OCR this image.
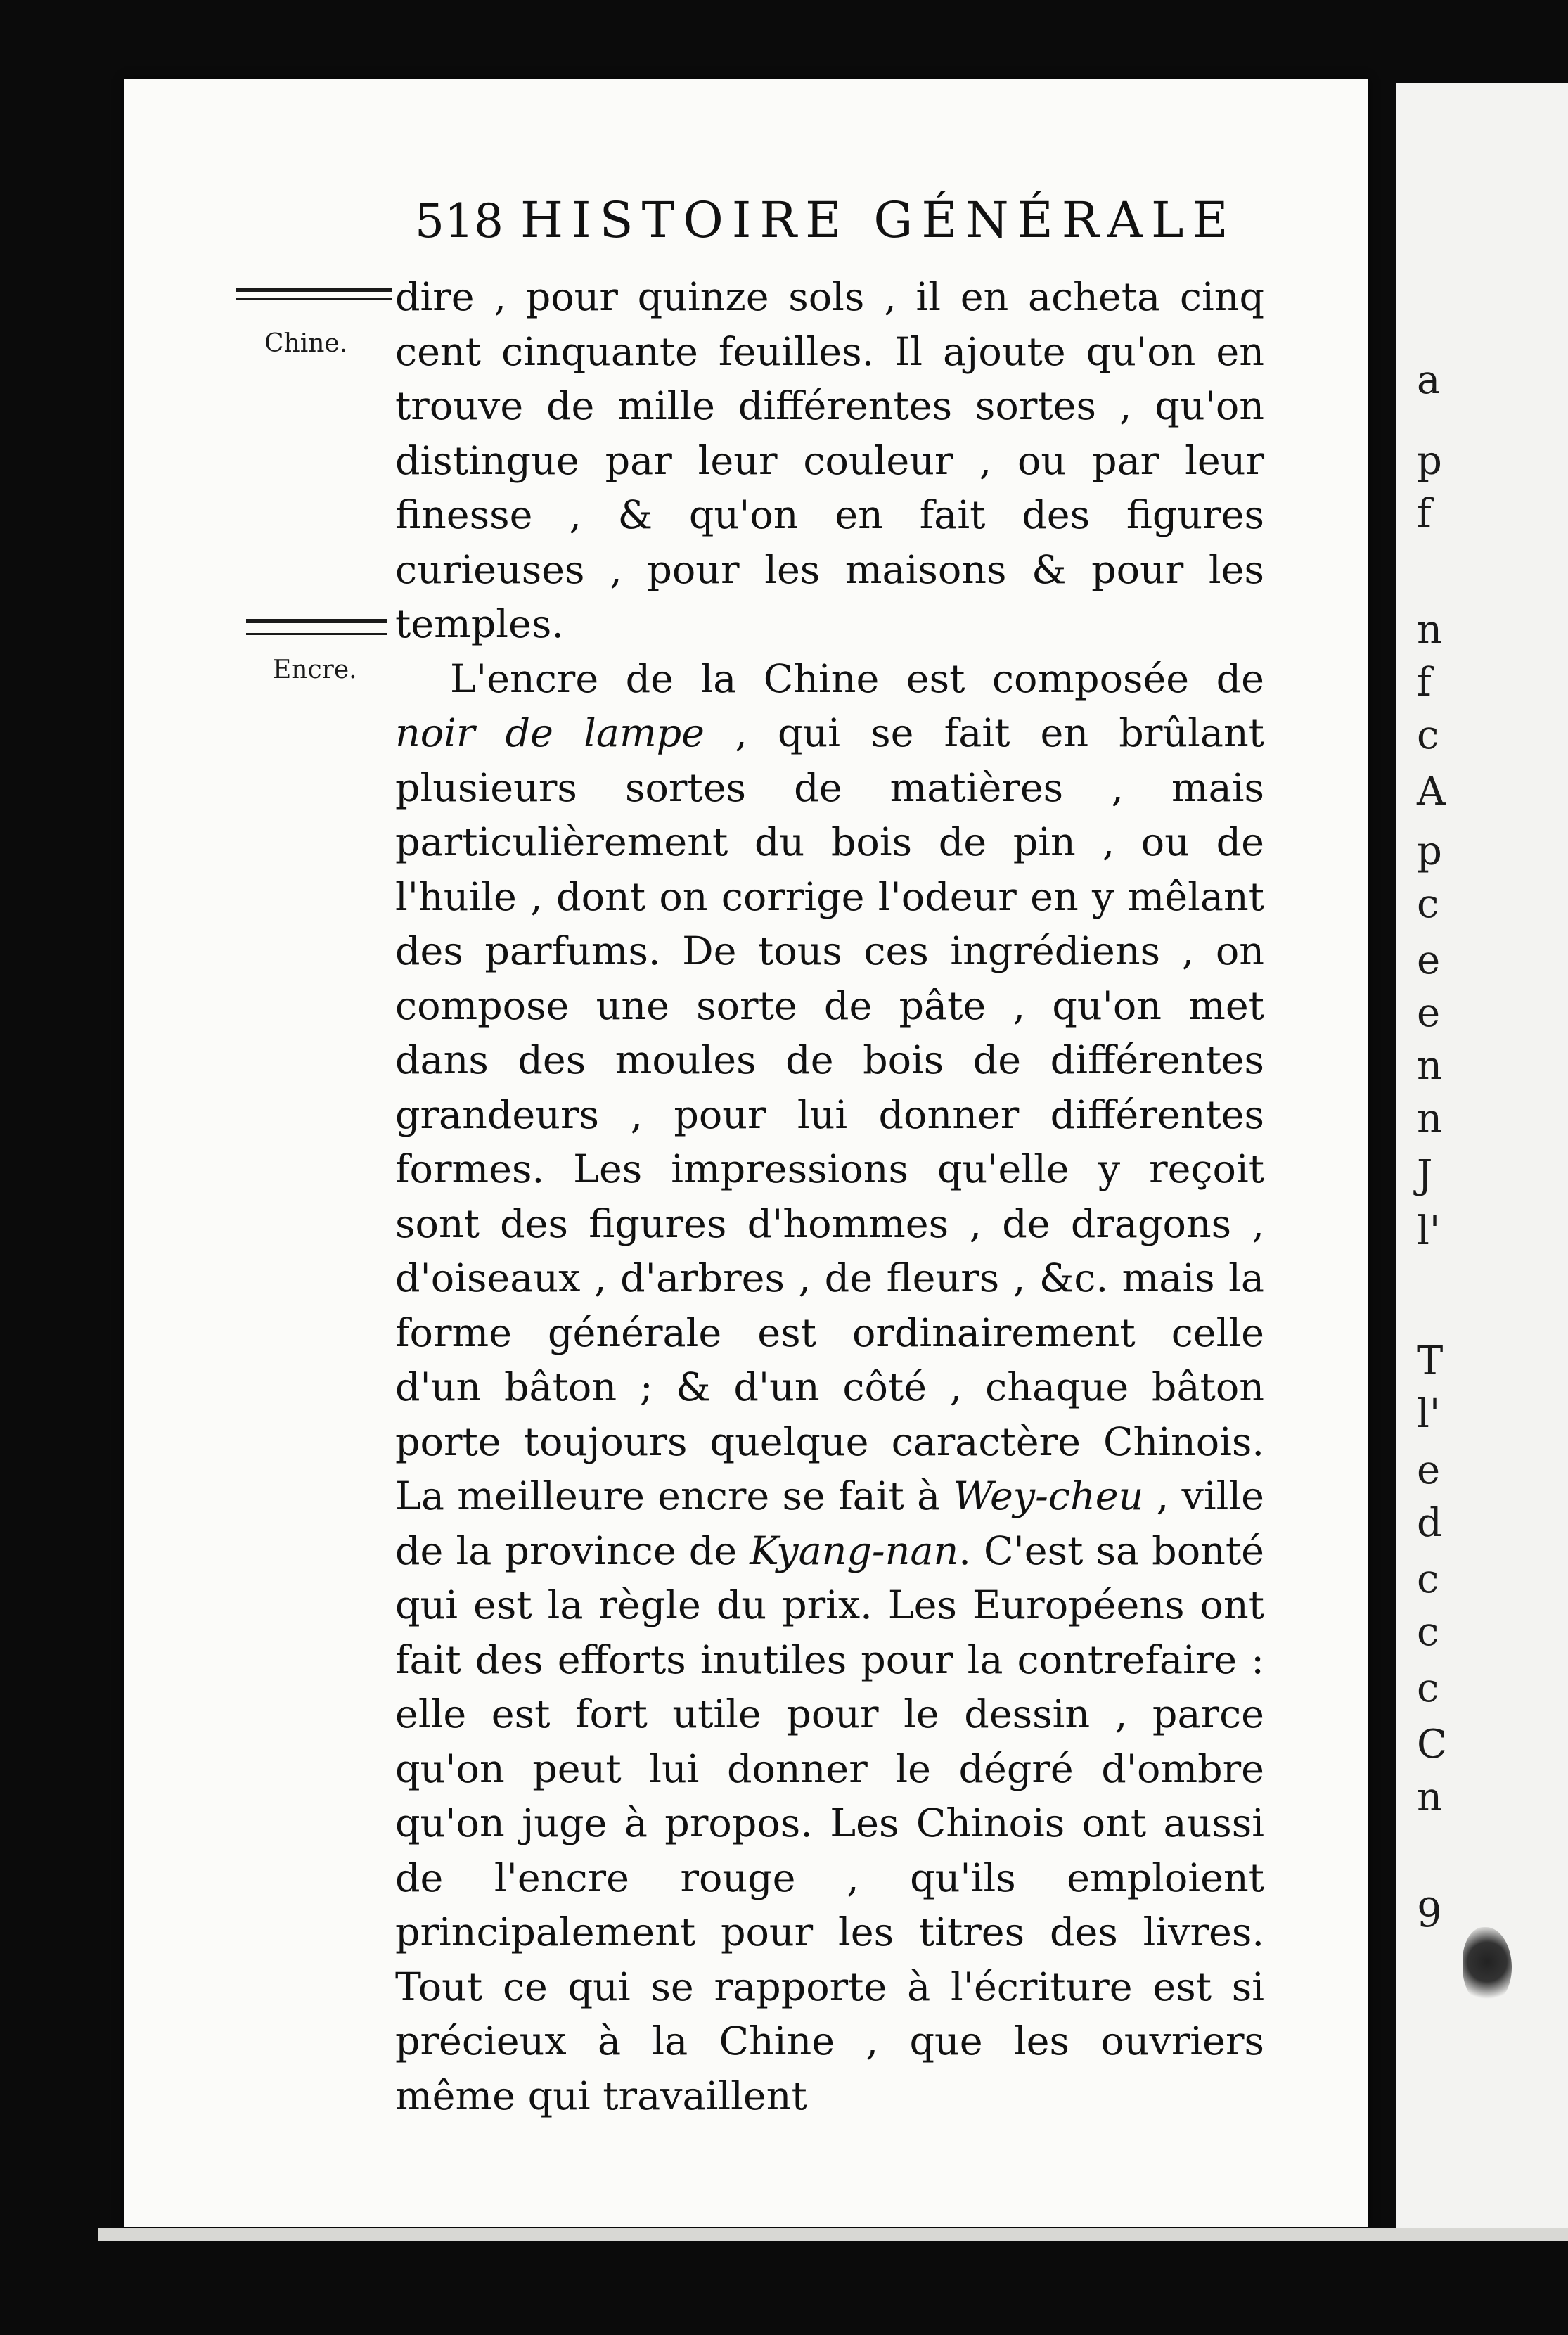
a
p
f
n
f
c
A
p
c
e
e
n
n
J
l'
T
l'
e
d
c
c
c
C
n
9
518 HISTOIRE GÉNÉRALE
Chine.
Encre.

dire , pour quinze sols , il en acheta cinq cent cinquante feuilles. Il ajoute qu'on en trouve de mille différentes sortes , qu'on distingue par leur couleur , ou par leur finesse , & qu'on en fait des figures curieuses , pour les maisons & pour les temples.

L'encre de la Chine est composée de noir de lampe , qui se fait en brûlant plusieurs sortes de matières , mais particulièrement du bois de pin , ou de l'huile , dont on corrige l'odeur en y mêlant des parfums. De tous ces ingrédiens , on compose une sorte de pâte , qu'on met dans des moules de bois de différentes grandeurs , pour lui donner différentes formes. Les impressions qu'elle y reçoit sont des figures d'hommes , de dragons , d'oiseaux , d'arbres , de fleurs , &c. mais la forme générale est ordinairement celle d'un bâton ; & d'un côté , chaque bâton porte toujours quelque caractère Chinois. La meilleure encre se fait à Wey-cheu , ville de la province de Kyang-nan. C'est sa bonté qui est la règle du prix. Les Européens ont fait des efforts inutiles pour la contrefaire : elle est fort utile pour le dessin , parce qu'on peut lui donner le dégré d'ombre qu'on juge à propos. Les Chinois ont aussi de l'encre rouge , qu'ils emploient principalement pour les titres des livres. Tout ce qui se rapporte à l'écriture est si précieux à la Chine , que les ouvriers même qui travaillent
